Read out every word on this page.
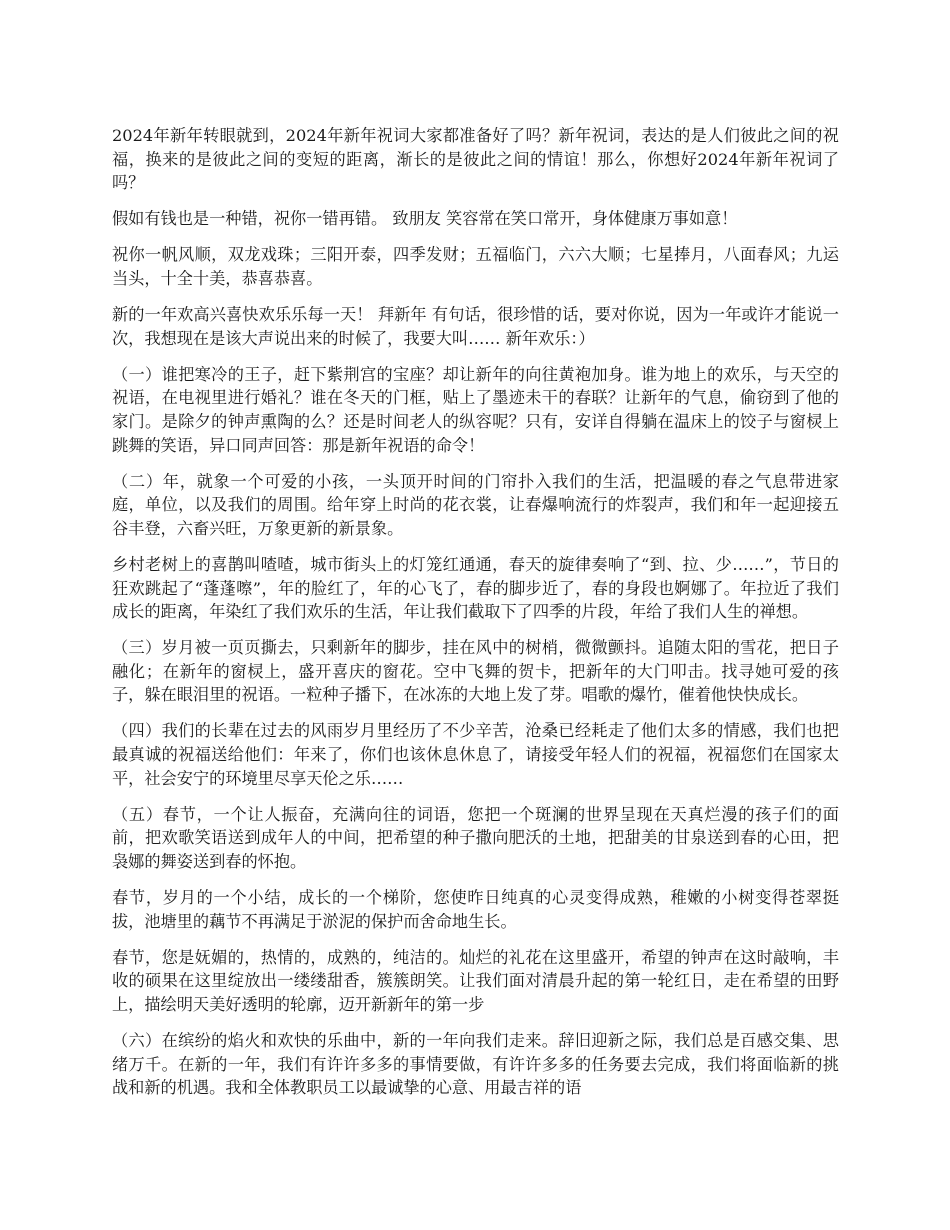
2024年新年转眼就到，2024年新年祝词大家都准备好了吗？新年祝词，表达的是人们彼此之间的祝福，换来的是彼此之间的变短的距离，渐长的是彼此之间的情谊！那么，你想好2024年新年祝词了吗？

假如有钱也是一种错，祝你一错再错。 致朋友 笑容常在笑口常开，身体健康万事如意！

祝你一帆风顺，双龙戏珠；三阳开泰，四季发财；五福临门，六六大顺；七星捧月，八面春风；九运当头，十全十美，恭喜恭喜。

新的一年欢高兴喜快欢乐乐每一天！ 拜新年 有句话，很珍惜的话，要对你说，因为一年或许才能说一次，我想现在是该大声说出来的时候了，我要大叫…… 新年欢乐：）

（一）谁把寒冷的王子，赶下紫荆宫的宝座？却让新年的向往黄袍加身。谁为地上的欢乐，与天空的祝语，在电视里进行婚礼？谁在冬天的门框，贴上了墨迹未干的春联？让新年的气息，偷窃到了他的家门。是除夕的钟声熏陶的么？还是时间老人的纵容呢？只有，安详自得躺在温床上的饺子与窗棂上跳舞的笑语，异口同声回答：那是新年祝语的命令！

（二）年，就象一个可爱的小孩，一头顶开时间的门帘扑入我们的生活，把温暖的春之气息带进家庭，单位，以及我们的周围。给年穿上时尚的花衣裳，让春爆响流行的炸裂声，我们和年一起迎接五谷丰登，六畜兴旺，万象更新的新景象。

乡村老树上的喜鹊叫喳喳，城市街头上的灯笼红通通，春天的旋律奏响了“到、拉、少……”，节日的狂欢跳起了“蓬蓬嚓”，年的脸红了，年的心飞了，春的脚步近了，春的身段也婀娜了。年拉近了我们成长的距离，年染红了我们欢乐的生活，年让我们截取下了四季的片段，年给了我们人生的禅想。

（三）岁月被一页页撕去，只剩新年的脚步，挂在风中的树梢，微微颤抖。追随太阳的雪花，把日子融化；在新年的窗棂上，盛开喜庆的窗花。空中飞舞的贺卡，把新年的大门叩击。找寻她可爱的孩子，躲在眼泪里的祝语。一粒种子播下，在冰冻的大地上发了芽。唱歌的爆竹，催着他快快成长。

（四）我们的长辈在过去的风雨岁月里经历了不少辛苦，沧桑已经耗走了他们太多的情感，我们也把最真诚的祝福送给他们：年来了，你们也该休息休息了，请接受年轻人们的祝福，祝福您们在国家太平，社会安宁的环境里尽享天伦之乐……

（五）春节，一个让人振奋，充满向往的词语，您把一个斑澜的世界呈现在天真烂漫的孩子们的面前，把欢歌笑语送到成年人的中间，把希望的种子撒向肥沃的土地，把甜美的甘泉送到春的心田，把袅娜的舞姿送到春的怀抱。

春节，岁月的一个小结，成长的一个梯阶，您使昨日纯真的心灵变得成熟，稚嫩的小树变得苍翠挺拔，池塘里的藕节不再满足于淤泥的保护而舍命地生长。

春节，您是妩媚的，热情的，成熟的，纯洁的。灿烂的礼花在这里盛开，希望的钟声在这时敲响，丰收的硕果在这里绽放出一缕缕甜香，簇簇朗笑。让我们面对清晨升起的第一轮红日，走在希望的田野上，描绘明天美好透明的轮廓，迈开新新年的第一步

（六）在缤纷的焰火和欢快的乐曲中，新的一年向我们走来。辞旧迎新之际，我们总是百感交集、思绪万千。在新的一年，我们有许许多多的事情要做，有许许多多的任务要去完成，我们将面临新的挑战和新的机遇。我和全体教职员工以最诚挚的心意、用最吉祥的语
